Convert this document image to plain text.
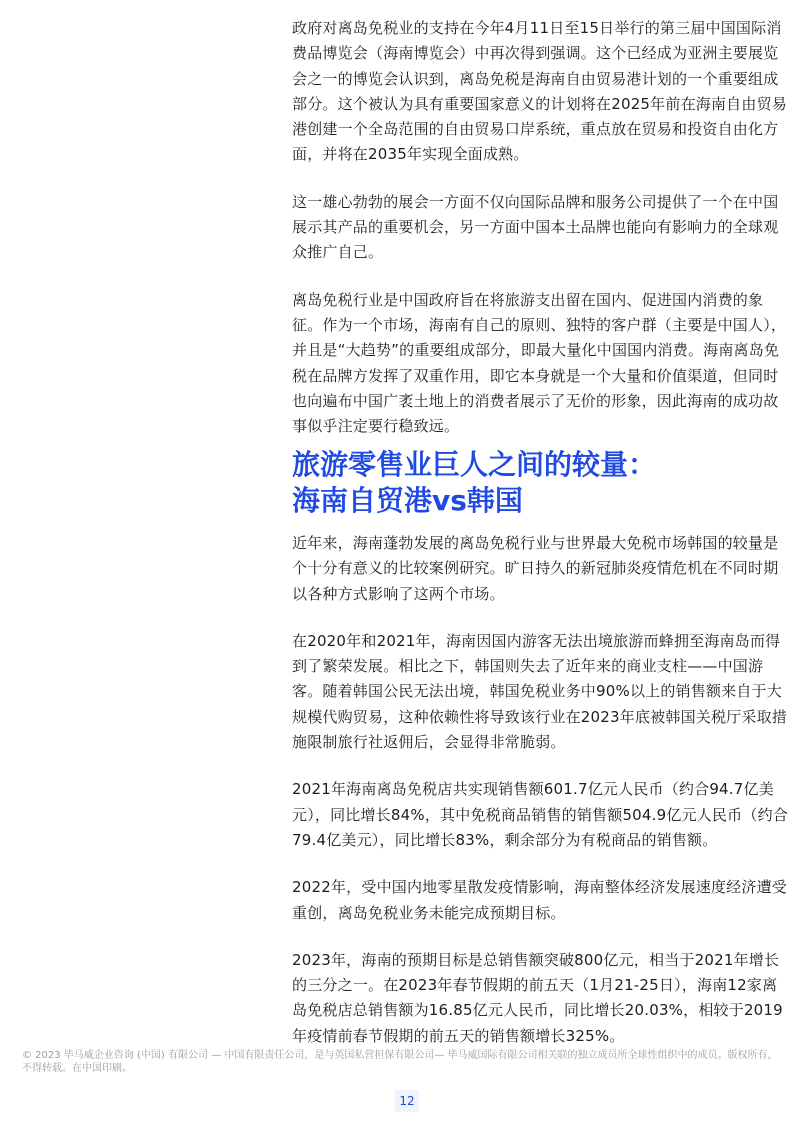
政府对离岛免税业的支持在今年4月11日至15日举行的第三届中国国际消费品博览会（海南博览会）中再次得到强调。这个已经成为亚洲主要展览会之一的博览会认识到，离岛免税是海南自由贸易港计划的一个重要组成部分。这个被认为具有重要国家意义的计划将在2025年前在海南自由贸易港创建一个全岛范围的自由贸易口岸系统，重点放在贸易和投资自由化方面，并将在2035年实现全面成熟。

这一雄心勃勃的展会一方面不仅向国际品牌和服务公司提供了一个在中国展示其产品的重要机会，另一方面中国本土品牌也能向有影响力的全球观众推广自己。

离岛免税行业是中国政府旨在将旅游支出留在国内、促进国内消费的象征。作为一个市场，海南有自己的原则、独特的客户群（主要是中国人），并且是“大趋势”的重要组成部分，即最大量化中国国内消费。海南离岛免税在品牌方发挥了双重作用，即它本身就是一个大量和价值渠道，但同时也向遍布中国广袤土地上的消费者展示了无价的形象，因此海南的成功故事似乎注定要行稳致远。

旅游零售业巨人之间的较量：
海南自贸港vs韩国

近年来，海南蓬勃发展的离岛免税行业与世界最大免税市场韩国的较量是个十分有意义的比较案例研究。旷日持久的新冠肺炎疫情危机在不同时期以各种方式影响了这两个市场。

在2020年和2021年，海南因国内游客无法出境旅游而蜂拥至海南岛而得到了繁荣发展。相比之下，韩国则失去了近年来的商业支柱——中国游客。随着韩国公民无法出境，韩国免税业务中90%以上的销售额来自于大规模代购贸易，这种依赖性将导致该行业在2023年底被韩国关税厅采取措施限制旅行社返佣后，会显得非常脆弱。

2021年海南离岛免税店共实现销售额601.7亿元人民币（约合94.7亿美元），同比增长84%，其中免税商品销售的销售额504.9亿元人民币（约合79.4亿美元），同比增长83%，剩余部分为有税商品的销售额。

2022年，受中国内地零星散发疫情影响，海南整体经济发展速度经济遭受重创，离岛免税业务未能完成预期目标。

2023年，海南的预期目标是总销售额突破800亿元，相当于2021年增长的三分之一。在2023年春节假期的前五天（1月21-25日），海南12家离岛免税店总销售额为16.85亿元人民币，同比增长20.03%，相较于2019年疫情前春节假期的前五天的销售额增长325%。

© 2023 毕马威企业咨询 (中国) 有限公司 — 中国有限责任公司，是与英国私营担保有限公司— 毕马威国际有限公司相关联的独立成员所全球性组织中的成员。版权所有，不得转载。在中国印刷。

12
